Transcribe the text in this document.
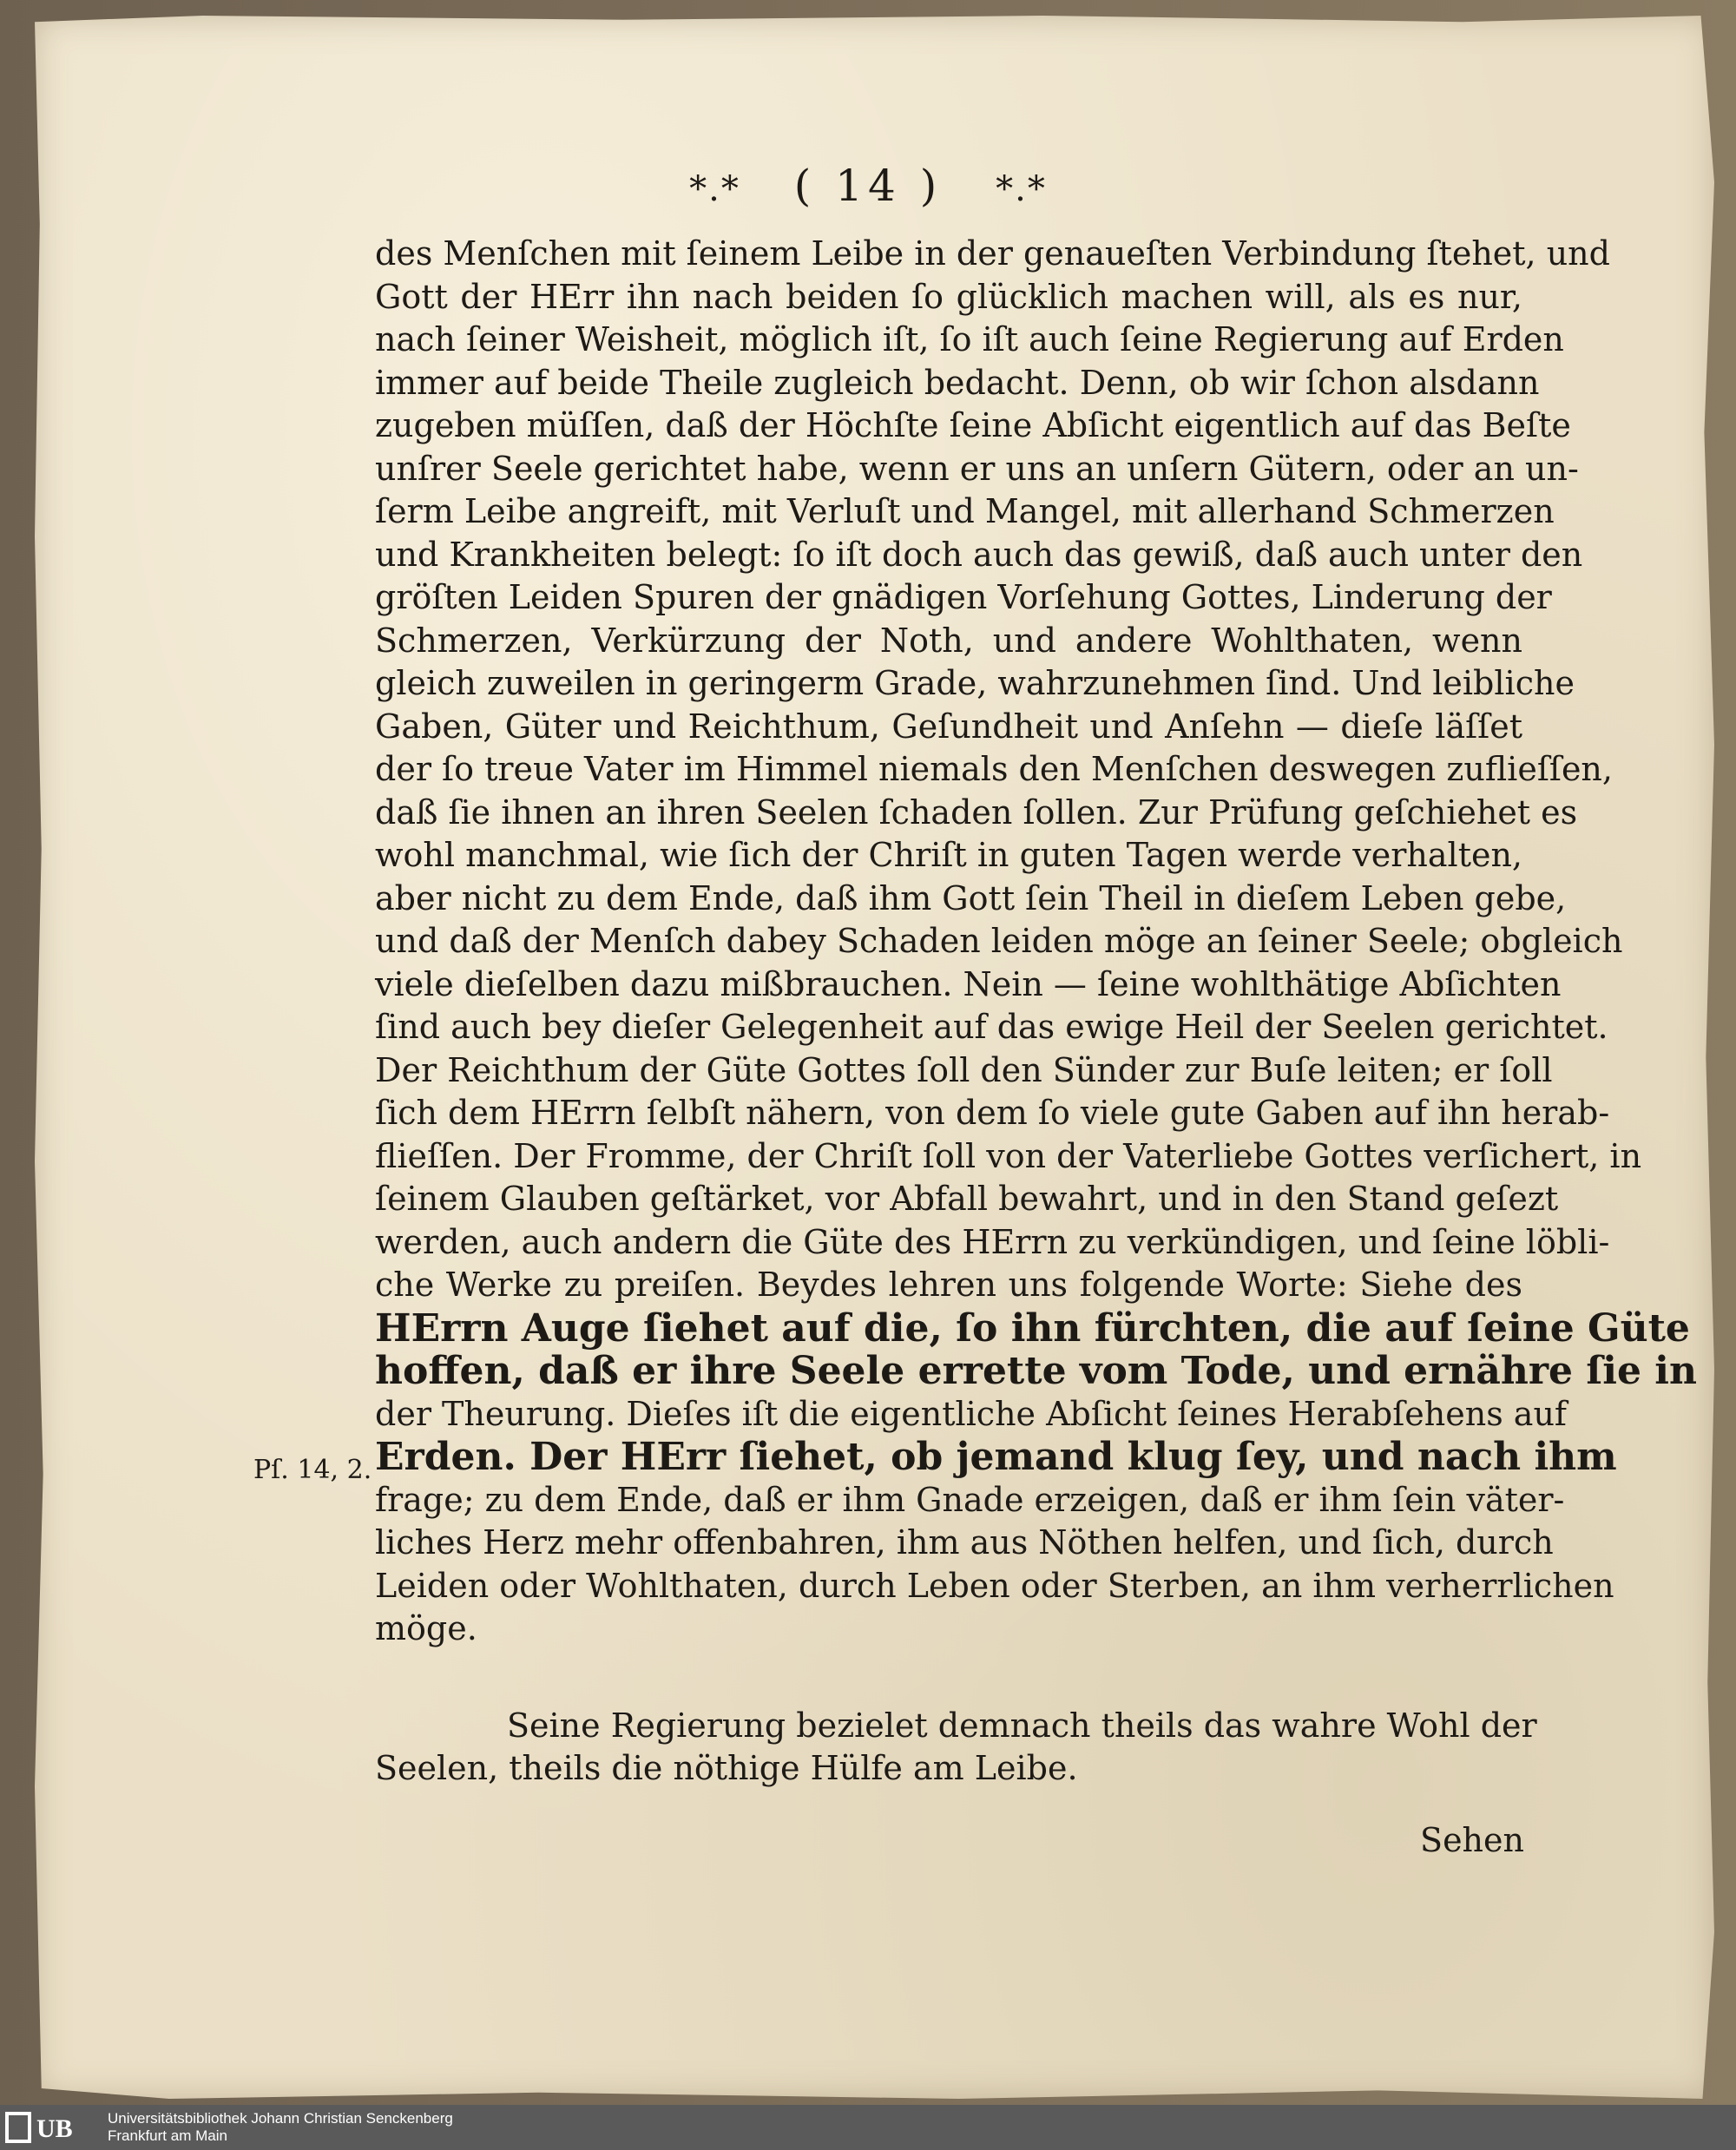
*.* ( 14 ) *.*
des Menſchen mit ſeinem Leibe in der genaueſten Verbindung ſtehet, und
Gott der HErr ihn nach beiden ſo glücklich machen will, als es nur,
nach ſeiner Weisheit, möglich iſt, ſo iſt auch ſeine Regierung auf Erden
immer auf beide Theile zugleich bedacht. Denn, ob wir ſchon alsdann
zugeben müſſen, daß der Höchſte ſeine Abſicht eigentlich auf das Beſte
unſrer Seele gerichtet habe, wenn er uns an unſern Gütern, oder an un-
ſerm Leibe angreift, mit Verluſt und Mangel, mit allerhand Schmerzen
und Krankheiten belegt: ſo iſt doch auch das gewiß, daß auch unter den
gröſten Leiden Spuren der gnädigen Vorſehung Gottes, Linderung der
Schmerzen, Verkürzung der Noth, und andere Wohlthaten, wenn
gleich zuweilen in geringerm Grade, wahrzunehmen ſind. Und leibliche
Gaben, Güter und Reichthum, Geſundheit und Anſehn — dieſe läſſet
der ſo treue Vater im Himmel niemals den Menſchen deswegen zuflieſſen,
daß ſie ihnen an ihren Seelen ſchaden ſollen. Zur Prüfung geſchiehet es
wohl manchmal, wie ſich der Chriſt in guten Tagen werde verhalten,
aber nicht zu dem Ende, daß ihm Gott ſein Theil in dieſem Leben gebe,
und daß der Menſch dabey Schaden leiden möge an ſeiner Seele; obgleich
viele dieſelben dazu mißbrauchen. Nein — ſeine wohlthätige Abſichten
ſind auch bey dieſer Gelegenheit auf das ewige Heil der Seelen gerichtet.
Der Reichthum der Güte Gottes ſoll den Sünder zur Buſe leiten; er ſoll
ſich dem HErrn ſelbſt nähern, von dem ſo viele gute Gaben auf ihn herab-
flieſſen. Der Fromme, der Chriſt ſoll von der Vaterliebe Gottes verſichert, in
ſeinem Glauben geſtärket, vor Abfall bewahrt, und in den Stand geſezt
werden, auch andern die Güte des HErrn zu verkündigen, und ſeine löbli-
che Werke zu preiſen. Beydes lehren uns folgende Worte: Siehe des
HErrn Auge ſiehet auf die, ſo ihn fürchten, die auf ſeine Güte
hoffen, daß er ihre Seele errette vom Tode, und ernähre ſie in
der Theurung. Dieſes iſt die eigentliche Abſicht ſeines Herabſehens auf
Erden. Der HErr ſiehet, ob jemand klug ſey, und nach ihm
frage; zu dem Ende, daß er ihm Gnade erzeigen, daß er ihm ſein väter-
liches Herz mehr offenbahren, ihm aus Nöthen helfen, und ſich, durch
Leiden oder Wohlthaten, durch Leben oder Sterben, an ihm verherrlichen
möge.
Seine Regierung bezielet demnach theils das wahre Wohl der
Seelen, theils die nöthige Hülfe am Leibe.
Pſ. 14, 2.
Sehen
UB Universitätsbibliothek Johann Christian Senckenberg
Frankfurt am Main
